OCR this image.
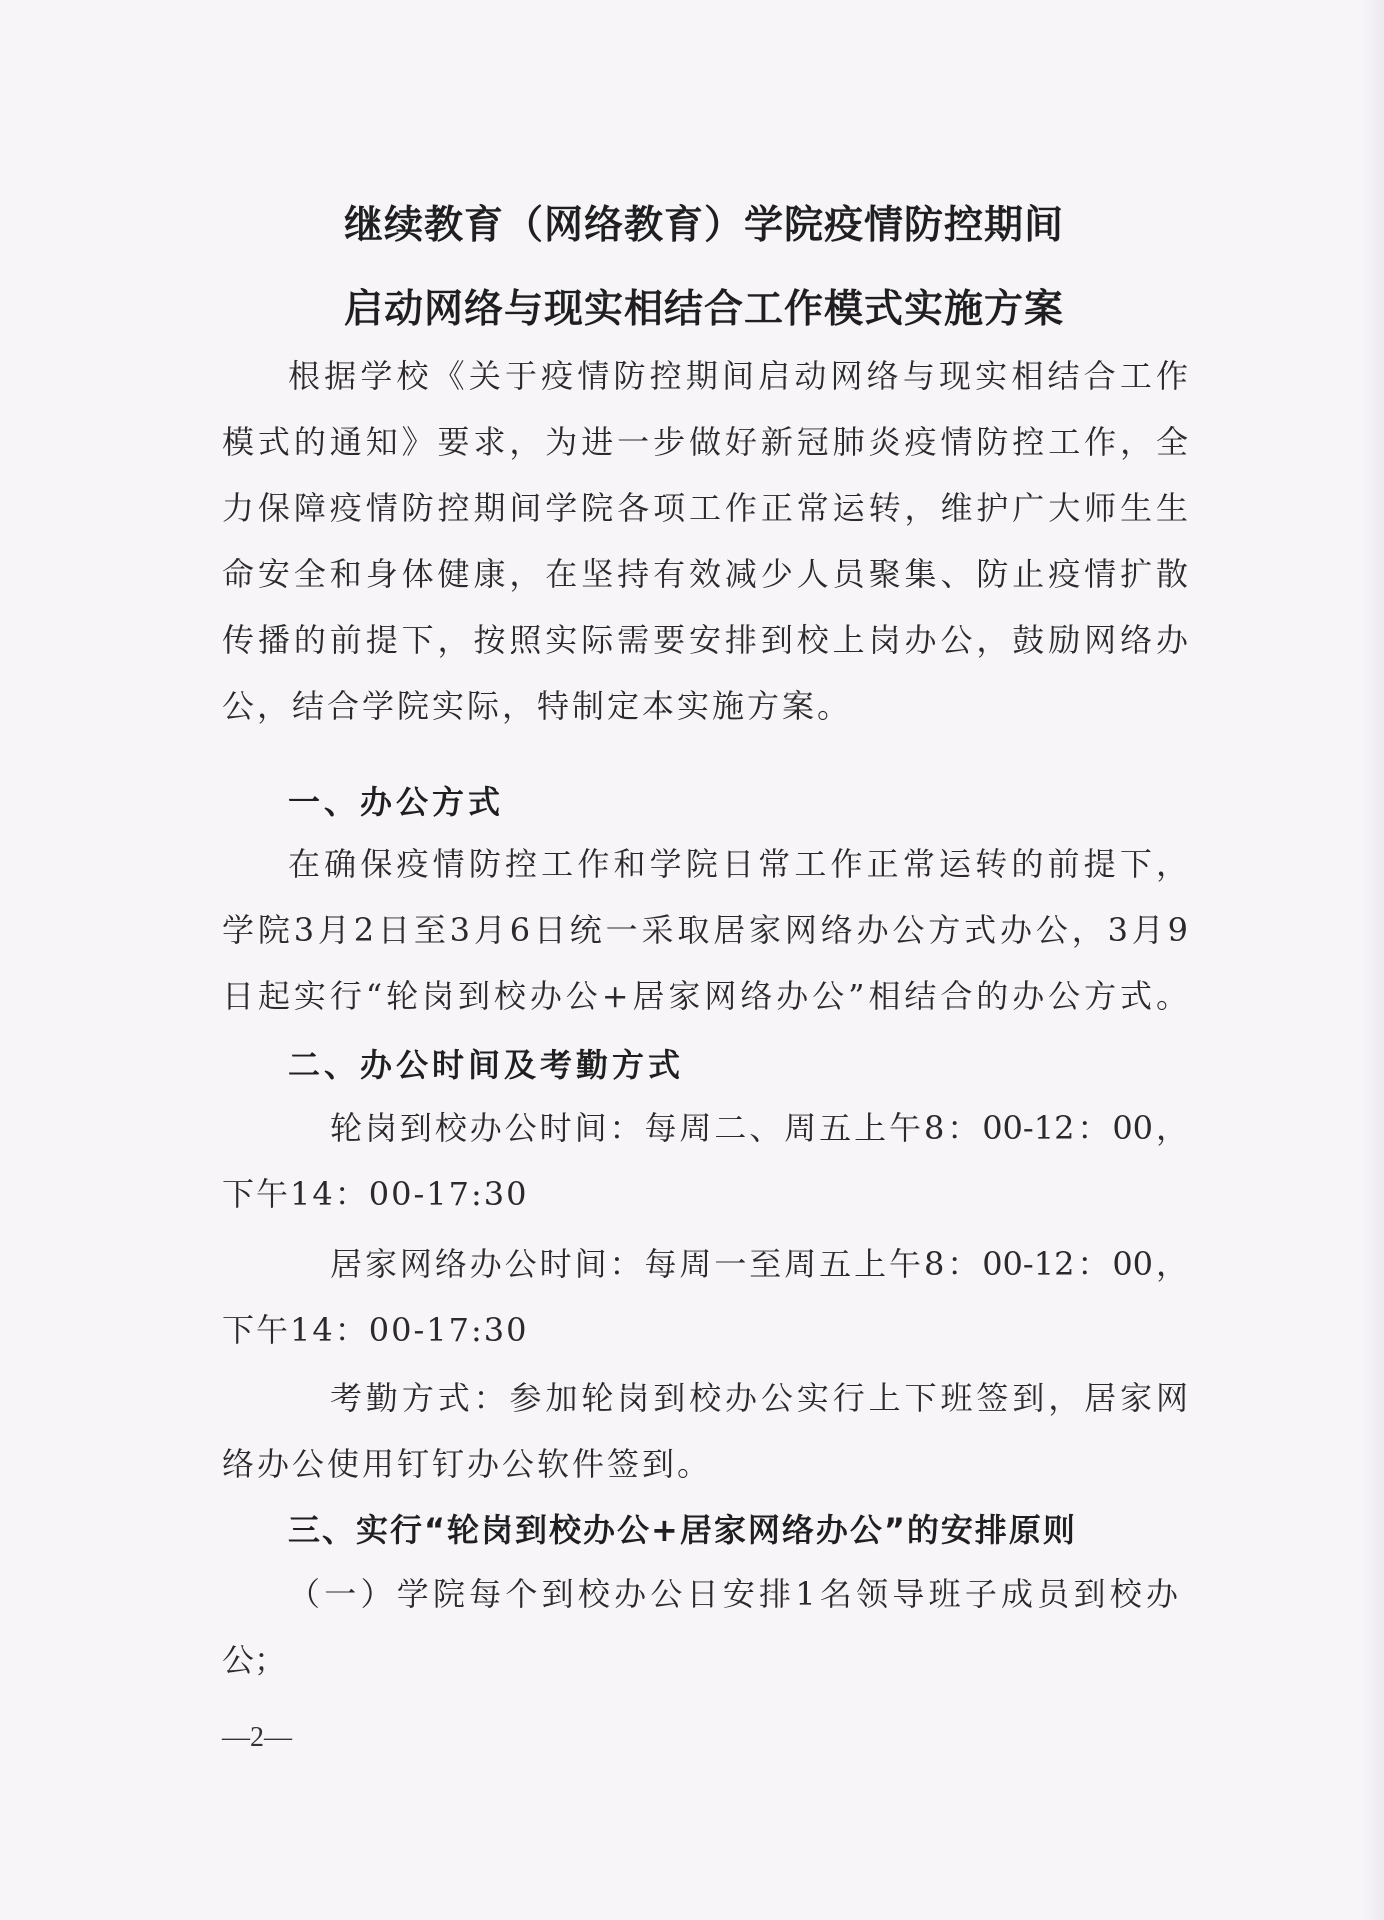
继续教育（网络教育）学院疫情防控期间
启动网络与现实相结合工作模式实施方案
根据学校《关于疫情防控期间启动网络与现实相结合工作
模式的通知》要求，为进一步做好新冠肺炎疫情防控工作，全
力保障疫情防控期间学院各项工作正常运转，维护广大师生生
命安全和身体健康，在坚持有效减少人员聚集、防止疫情扩散
传播的前提下，按照实际需要安排到校上岗办公，鼓励网络办
公，结合学院实际，特制定本实施方案。
一、办公方式
在确保疫情防控工作和学院日常工作正常运转的前提下，
学院3月2日至3月6日统一采取居家网络办公方式办公，3月9
日起实行“轮岗到校办公+居家网络办公”相结合的办公方式。
二、办公时间及考勤方式
轮岗到校办公时间：每周二、周五上午8：00-12：00，
下午14：00-17:30
居家网络办公时间：每周一至周五上午8：00-12：00，
下午14：00-17:30
考勤方式：参加轮岗到校办公实行上下班签到，居家网
络办公使用钉钉办公软件签到。
三、实行“轮岗到校办公+居家网络办公”的安排原则
（一）学院每个到校办公日安排1名领导班子成员到校办
公；
—2—
